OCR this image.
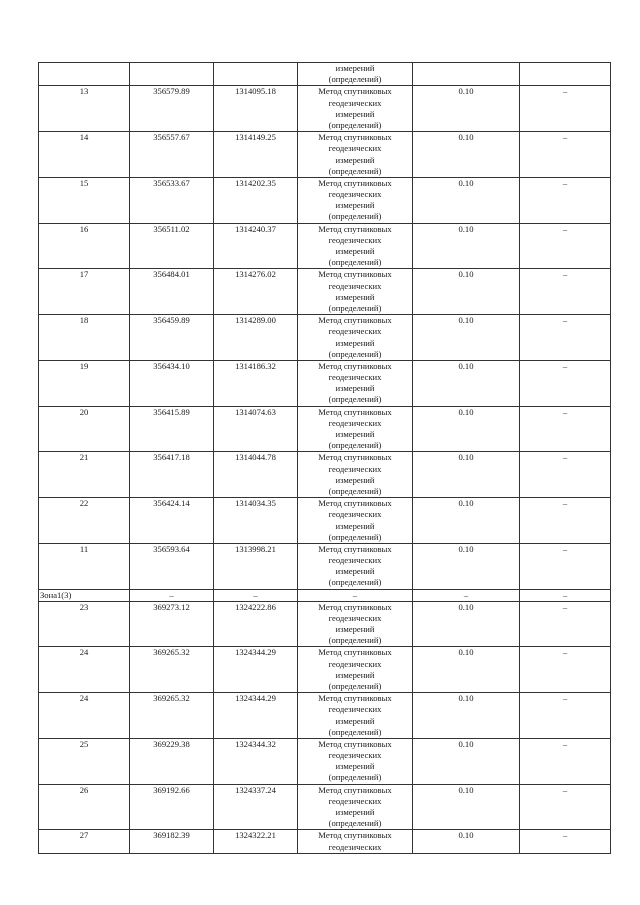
			измерений
(определений)		

13	356579.89	1314095.18	Метод спутниковых
геодезических
измерений
(определений)	0.10	–
14	356557.67	1314149.25	Метод спутниковых
геодезических
измерений
(определений)	0.10	–
15	356533.67	1314202.35	Метод спутниковых
геодезических
измерений
(определений)	0.10	–
16	356511.02	1314240.37	Метод спутниковых
геодезических
измерений
(определений)	0.10	–
17	356484.01	1314276.02	Метод спутниковых
геодезических
измерений
(определений)	0.10	–
18	356459.89	1314289.00	Метод спутниковых
геодезических
измерений
(определений)	0.10	–
19	356434.10	1314186.32	Метод спутниковых
геодезических
измерений
(определений)	0.10	–
20	356415.89	1314074.63	Метод спутниковых
геодезических
измерений
(определений)	0.10	–
21	356417.18	1314044.78	Метод спутниковых
геодезических
измерений
(определений)	0.10	–
22	356424.14	1314034.35	Метод спутниковых
геодезических
измерений
(определений)	0.10	–
11	356593.64	1313998.21	Метод спутниковых
геодезических
измерений
(определений)	0.10	–
Зона1(3)	–	–	–	–	–
23	369273.12	1324222.86	Метод спутниковых
геодезических
измерений
(определений)	0.10	–
24	369265.32	1324344.29	Метод спутниковых
геодезических
измерений
(определений)	0.10	–
24	369265.32	1324344.29	Метод спутниковых
геодезических
измерений
(определений)	0.10	–
25	369229.38	1324344.32	Метод спутниковых
геодезических
измерений
(определений)	0.10	–
26	369192.66	1324337.24	Метод спутниковых
геодезических
измерений
(определений)	0.10	–
27	369182.39	1324322.21	Метод спутниковых
геодезических	0.10	–
